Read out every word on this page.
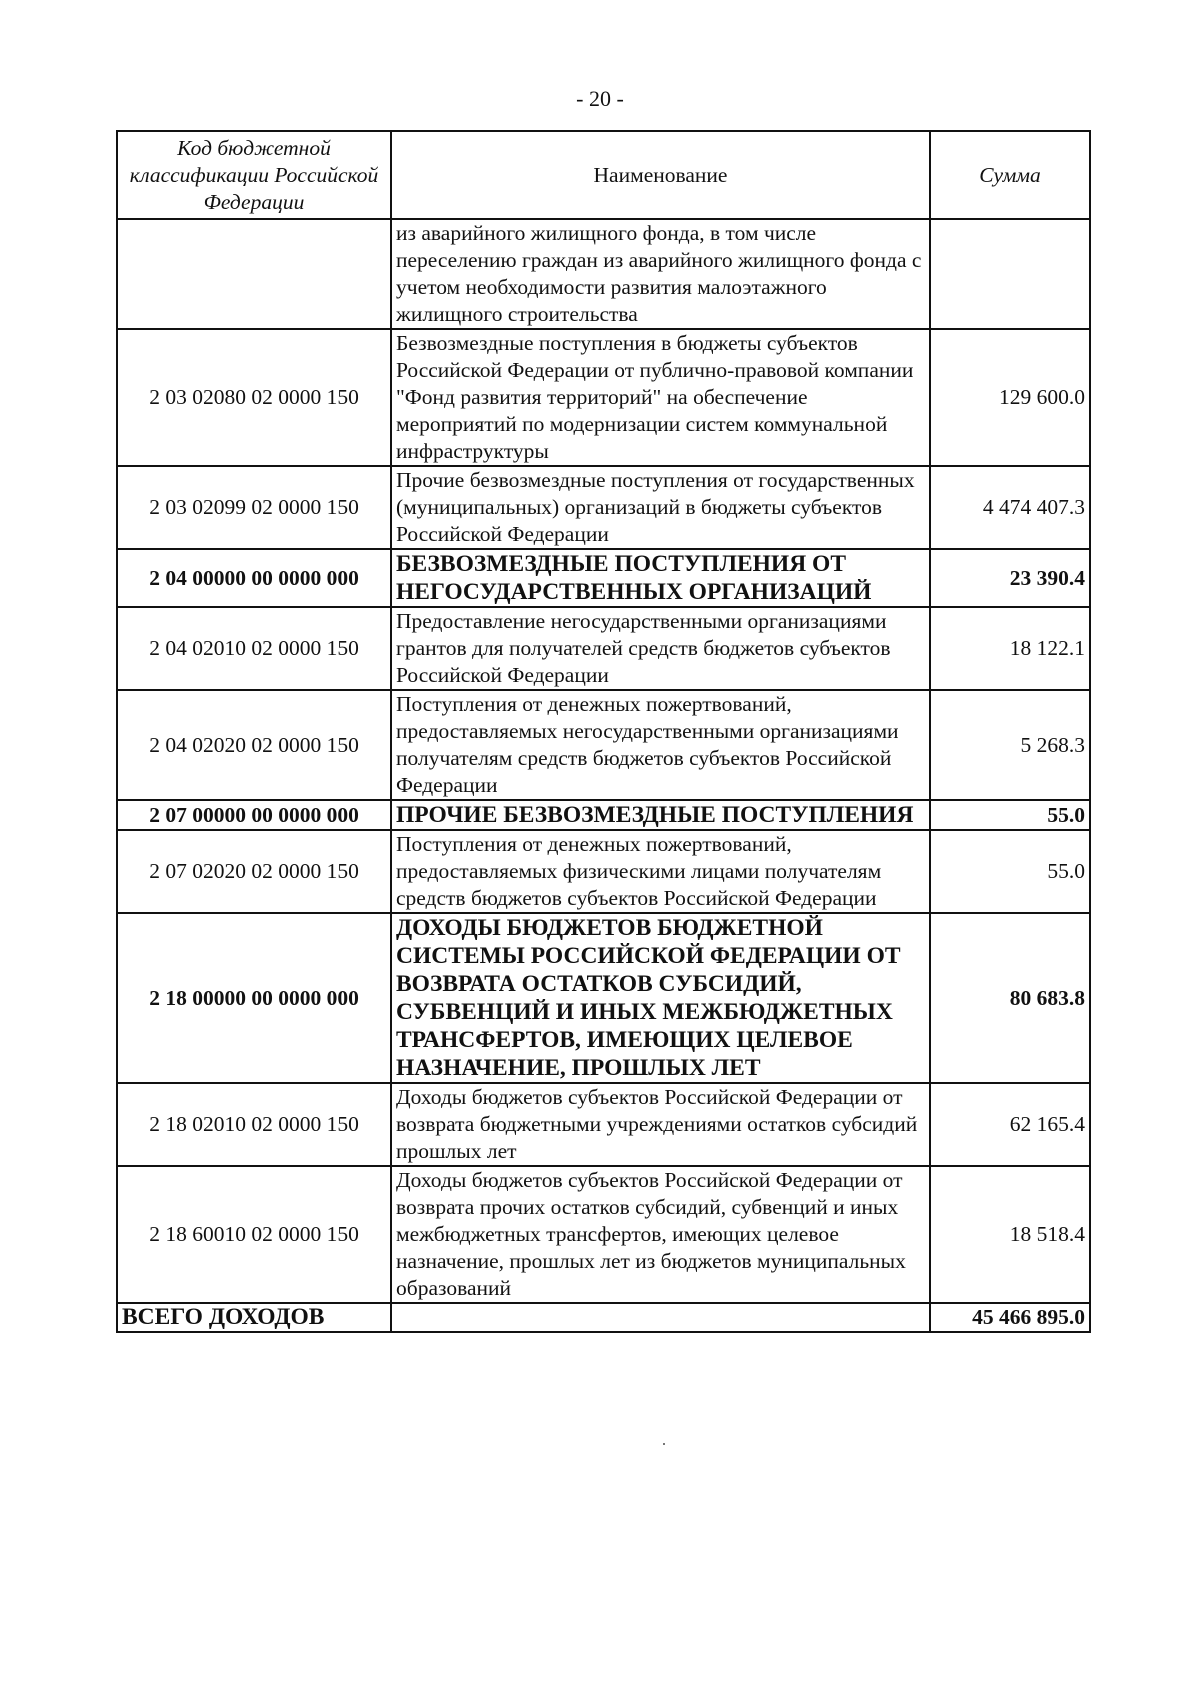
- 20 -
Код бюджетной классификации Российской Федерации	Наименование	Сумма
	из аварийного жилищного фонда, в том числе переселению граждан из аварийного жилищного фонда с учетом необходимости развития малоэтажного жилищного строительства	
2 03 02080 02 0000 150	Безвозмездные поступления в бюджеты субъектов Российской Федерации от публично-правовой компании "Фонд развития территорий" на обеспечение мероприятий по модернизации систем коммунальной инфраструктуры	129 600.0
2 03 02099 02 0000 150	Прочие безвозмездные поступления от государственных (муниципальных) организаций в бюджеты субъектов Российской Федерации	4 474 407.3
2 04 00000 00 0000 000	БЕЗВОЗМЕЗДНЫЕ ПОСТУПЛЕНИЯ ОТ НЕГОСУДАРСТВЕННЫХ ОРГАНИЗАЦИЙ	23 390.4
2 04 02010 02 0000 150	Предоставление негосударственными организациями грантов для получателей средств бюджетов субъектов Российской Федерации	18 122.1
2 04 02020 02 0000 150	Поступления от денежных пожертвований, предоставляемых негосударственными организациями получателям средств бюджетов субъектов Российской Федерации	5 268.3
2 07 00000 00 0000 000	ПРОЧИЕ БЕЗВОЗМЕЗДНЫЕ ПОСТУПЛЕНИЯ	55.0
2 07 02020 02 0000 150	Поступления от денежных пожертвований, предоставляемых физическими лицами получателям средств бюджетов субъектов Российской Федерации	55.0
2 18 00000 00 0000 000	ДОХОДЫ БЮДЖЕТОВ БЮДЖЕТНОЙ СИСТЕМЫ РОССИЙСКОЙ ФЕДЕРАЦИИ ОТ ВОЗВРАТА ОСТАТКОВ СУБСИДИЙ, СУБВЕНЦИЙ И ИНЫХ МЕЖБЮДЖЕТНЫХ ТРАНСФЕРТОВ, ИМЕЮЩИХ ЦЕЛЕВОЕ НАЗНАЧЕНИЕ, ПРОШЛЫХ ЛЕТ	80 683.8
2 18 02010 02 0000 150	Доходы бюджетов субъектов Российской Федерации от возврата бюджетными учреждениями остатков субсидий прошлых лет	62 165.4
2 18 60010 02 0000 150	Доходы бюджетов субъектов Российской Федерации от возврата прочих остатков субсидий, субвенций и иных межбюджетных трансфертов, имеющих целевое назначение, прошлых лет из бюджетов муниципальных образований	18 518.4
ВСЕГО ДОХОДОВ		45 466 895.0
